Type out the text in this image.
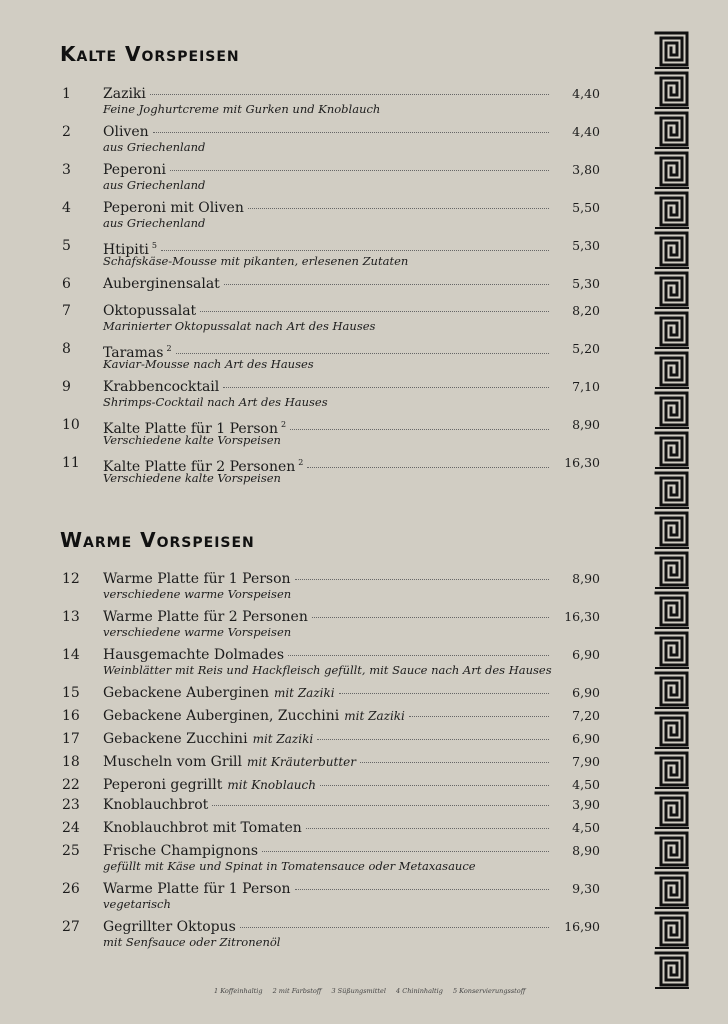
Kalte Vorspeisen
1	Zaziki	4,40
Feine Joghurtcreme mit Gurken und Knoblauch
2	Oliven	4,40
aus Griechenland
3	Peperoni	3,80
aus Griechenland
4	Peperoni mit Oliven	5,50
aus Griechenland
5	Htipiti $^5$	5,30
Schafskäse-Mousse mit pikanten, erlesenen Zutaten
6	Auberginensalat	5,30
7	Oktopussalat	8,20
Marinierter Oktopussalat nach Art des Hauses
8	Taramas $^2$	5,20
Kaviar-Mousse nach Art des Hauses
9	Krabbencocktail	7,10
Shrimps-Cocktail nach Art des Hauses
10	Kalte Platte für 1 Person $^2$	8,90
Verschiedene kalte Vorspeisen
11	Kalte Platte für 2 Personen $^2$	16,30
Verschiedene kalte Vorspeisen
Warme Vorspeisen
12	Warme Platte für 1 Person	8,90
verschiedene warme Vorspeisen
13	Warme Platte für 2 Personen	16,30
verschiedene warme Vorspeisen
14	Hausgemachte Dolmades	6,90
Weinblätter mit Reis und Hackfleisch gefüllt, mit Sauce nach Art des Hauses
15	Gebackene Auberginen mit Zaziki	6,90
16	Gebackene Auberginen, Zucchini mit Zaziki	7,20
17	Gebackene Zucchini mit Zaziki	6,90
18	Muscheln vom Grill mit Kräuterbutter	7,90
22	Peperoni gegrillt mit Knoblauch	4,50
23	Knoblauchbrot	3,90
24	Knoblauchbrot mit Tomaten	4,50
25	Frische Champignons	8,90
gefüllt mit Käse und Spinat in Tomatensauce oder Metaxasauce
26	Warme Platte für 1 Person	9,30
vegetarisch
27	Gegrillter Oktopus	16,90
mit Senfsauce oder Zitronenöl
1 Koffeinhaltig 2 mit Farbstoff 3 Süßungsmittel 4 Chininhaltig 5 Konservierungsstoff
